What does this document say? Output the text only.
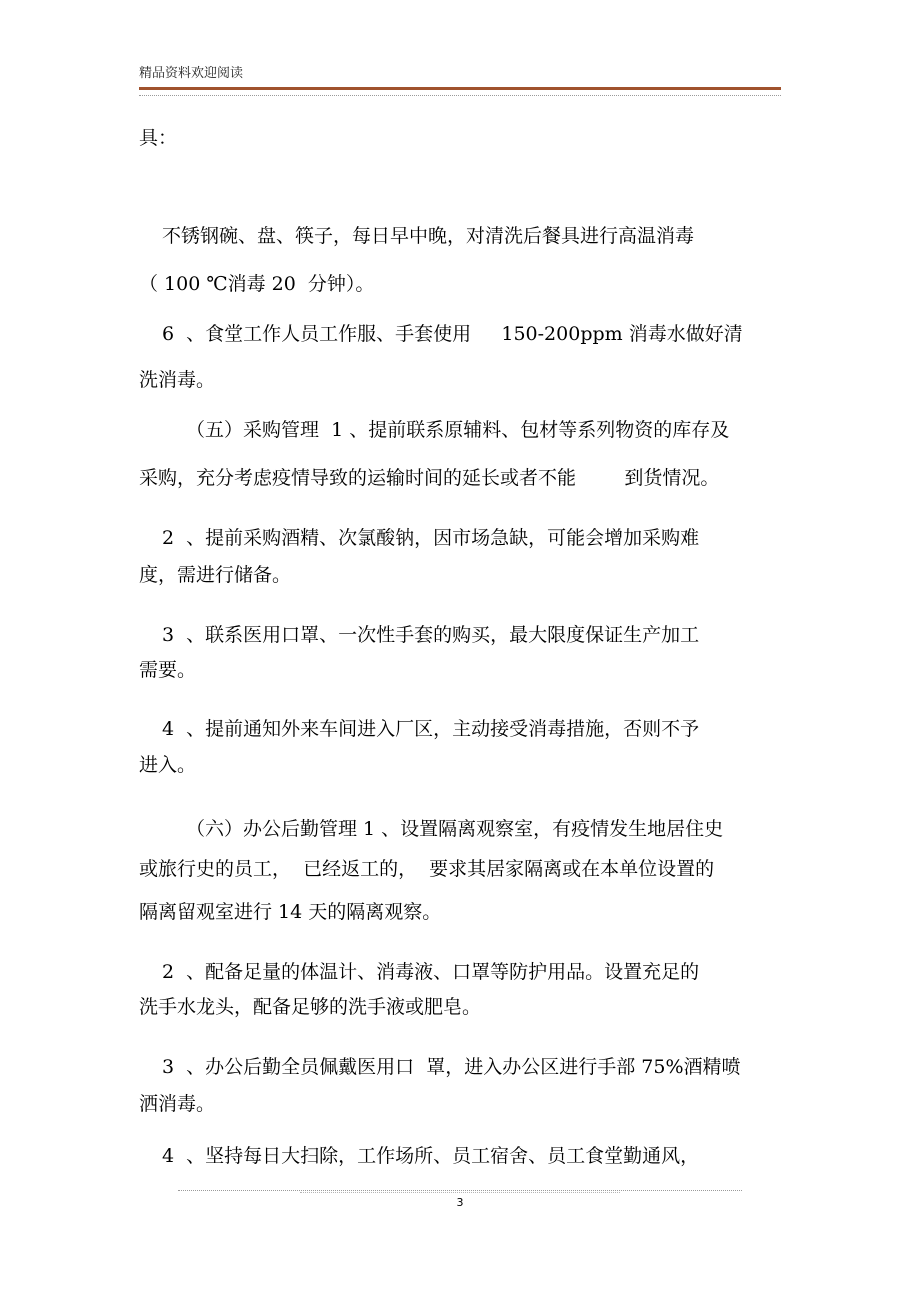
精品资料欢迎阅读
具：
不锈钢碗、盘、筷子，每日早中晚，对清洗后餐具进行高温消毒
（ 100 ℃消毒 20  分钟）。
6  、食堂工作人员工作服、手套使用     150-200ppm 消毒水做好清
洗消毒。
（五）采购管理  1 、提前联系原辅料、包材等系列物资的库存及
采购，充分考虑疫情导致的运输时间的延长或者不能        到货情况。
2  、提前采购酒精、次氯酸钠，因市场急缺，可能会增加采购难
度，需进行储备。
3  、联系医用口罩、一次性手套的购买，最大限度保证生产加工
需要。
4  、提前通知外来车间进入厂区，主动接受消毒措施，否则不予
进入。
（六）办公后勤管理 1 、设置隔离观察室，有疫情发生地居住史
或旅行史的员工，  已经返工的，  要求其居家隔离或在本单位设置的
隔离留观室进行 14 天的隔离观察。
2  、配备足量的体温计、消毒液、口罩等防护用品。设置充足的
洗手水龙头，配备足够的洗手液或肥皂。
3  、办公后勤全员佩戴医用口  罩，进入办公区进行手部 75%酒精喷
洒消毒。
4  、坚持每日大扫除，工作场所、员工宿舍、员工食堂勤通风，
3
